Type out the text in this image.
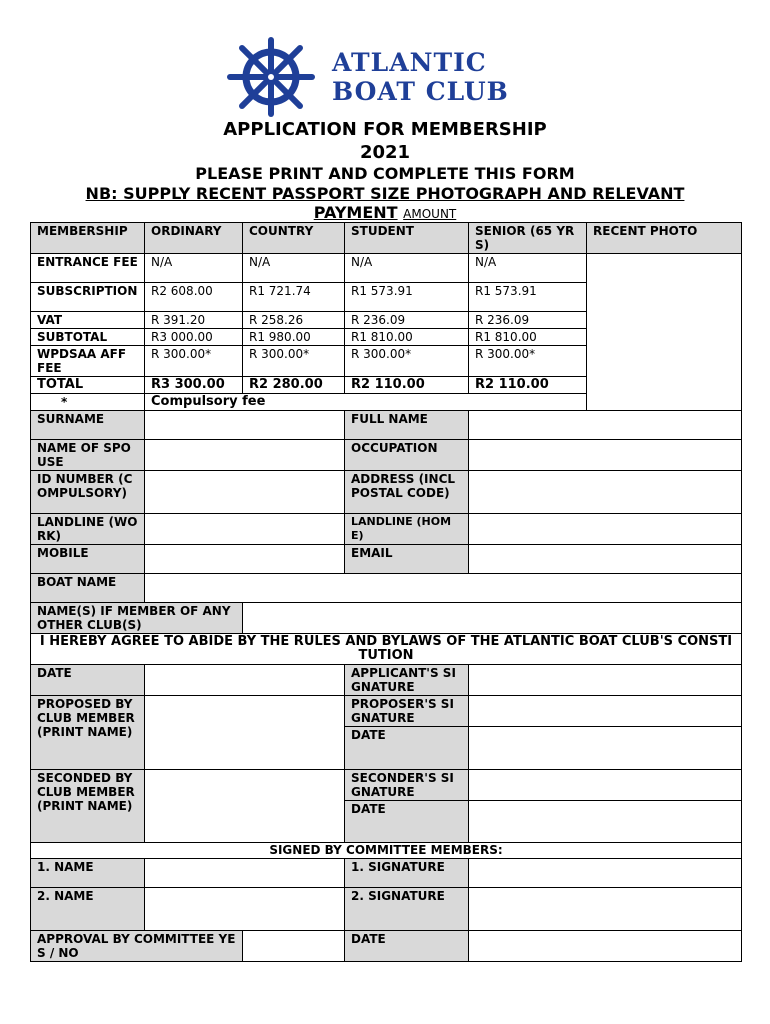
ATLANTIC
BOAT CLUB
APPLICATION FOR MEMBERSHIP
2021
PLEASE PRINT AND COMPLETE THIS FORM
NB: SUPPLY RECENT PASSPORT SIZE PHOTOGRAPH AND RELEVANT
PAYMENT AMOUNT
MEMBERSHIP	ORDINARY	COUNTRY	STUDENT	SENIOR (65 YRS)	RECENT PHOTO
ENTRANCE FEE	N/A	N/A	N/A	N/A	
SUBSCRIPTION	R2 608.00	R1 721.74	R1 573.91	R1 573.91	
VAT	R 391.20	R 258.26	R 236.09	R 236.09	
SUBTOTAL	R3 000.00	R1 980.00	R1 810.00	R1 810.00	
WPDSAA AFF FEE	R 300.00*	R 300.00*	R 300.00*	R 300.00*	
TOTAL	R3 300.00	R2 280.00	R2 110.00	R2 110.00	
*	Compulsory fee				
SURNAME			FULL NAME		
NAME OF SPOUSE			OCCUPATION		
ID NUMBER (COMPULSORY)			ADDRESS (INCL POSTAL CODE)		
LANDLINE (WORK)			LANDLINE (HOME)		
MOBILE			EMAIL		
BOAT NAME					
NAME(S) IF MEMBER OF ANY OTHER CLUB(S)					
I HEREBY AGREE TO ABIDE BY THE RULES AND BYLAWS OF THE ATLANTIC BOAT CLUB'S CONSTITUTION					
DATE			APPLICANT'S SIGNATURE		
PROPOSED BY CLUB MEMBER (PRINT NAME)			PROPOSER'S SIGNATURE		
			DATE		
SECONDED BY CLUB MEMBER (PRINT NAME)			SECONDER'S SIGNATURE		
			DATE		
SIGNED BY COMMITTEE MEMBERS:					
1. NAME			1. SIGNATURE		
2. NAME			2. SIGNATURE		
APPROVAL BY COMMITTEE YES / NO			DATE		
